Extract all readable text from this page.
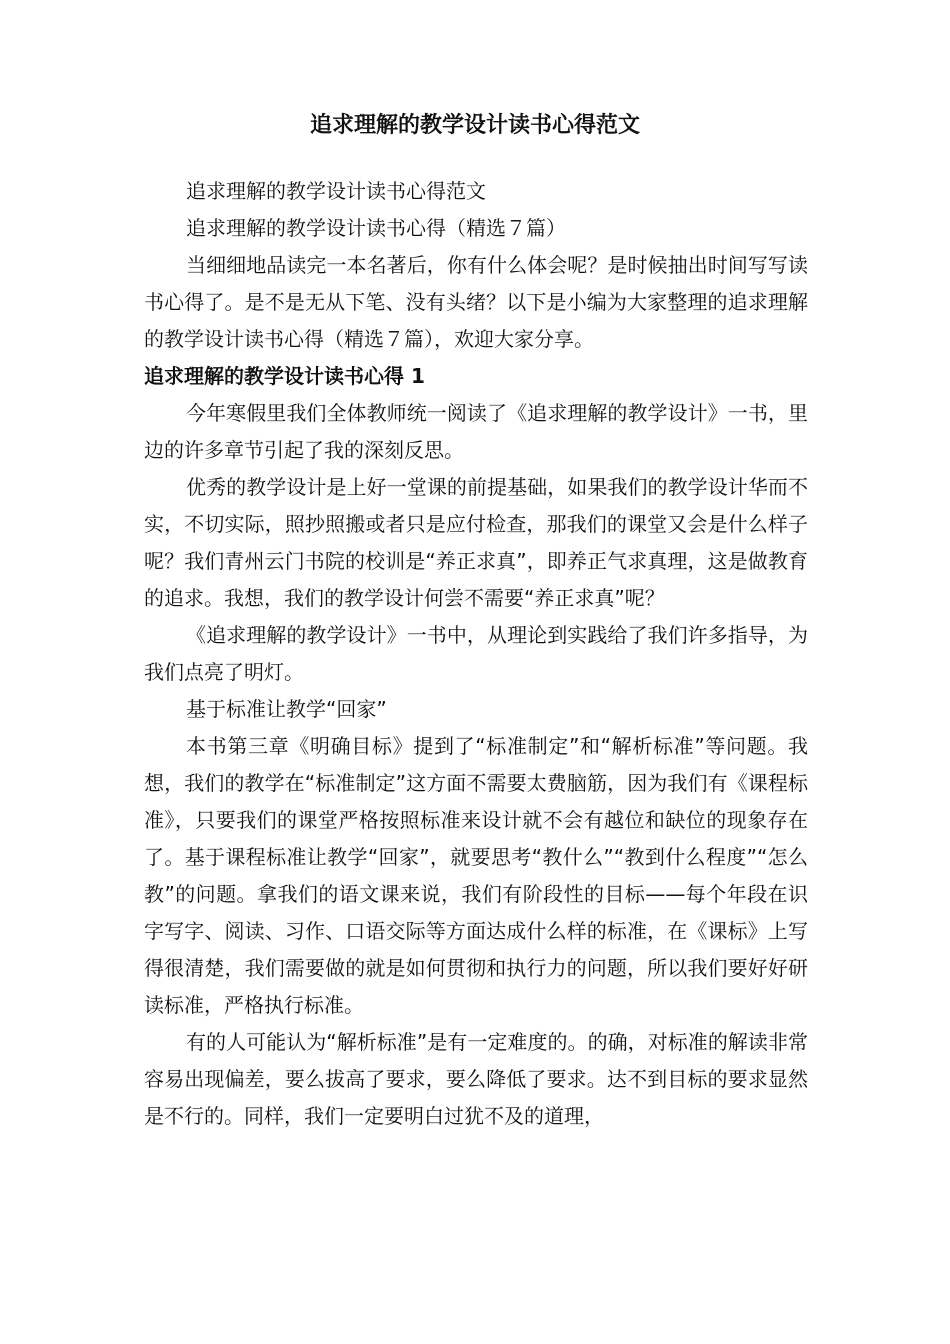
追求理解的教学设计读书心得范文

追求理解的教学设计读书心得范文

追求理解的教学设计读书心得（精选７篇）

当细细地品读完一本名著后，你有什么体会呢？是时候抽出时间写写读书心得了。是不是无从下笔、没有头绪？以下是小编为大家整理的追求理解的教学设计读书心得（精选７篇），欢迎大家分享。

追求理解的教学设计读书心得 1

今年寒假里我们全体教师统一阅读了《追求理解的教学设计》一书，里边的许多章节引起了我的深刻反思。

优秀的教学设计是上好一堂课的前提基础，如果我们的教学设计华而不实，不切实际，照抄照搬或者只是应付检查，那我们的课堂又会是什么样子呢？我们青州云门书院的校训是“养正求真”，即养正气求真理，这是做教育的追求。我想，我们的教学设计何尝不需要“养正求真”呢？

《追求理解的教学设计》一书中，从理论到实践给了我们许多指导，为我们点亮了明灯。

基于标准让教学“回家”

本书第三章《明确目标》提到了“标准制定”和“解析标准”等问题。我想，我们的教学在“标准制定”这方面不需要太费脑筋，因为我们有《课程标准》，只要我们的课堂严格按照标准来设计就不会有越位和缺位的现象存在了。基于课程标准让教学“回家”，就要思考“教什么”“教到什么程度”“怎么教”的问题。拿我们的语文课来说，我们有阶段性的目标——每个年段在识字写字、阅读、习作、口语交际等方面达成什么样的标准，在《课标》上写得很清楚，我们需要做的就是如何贯彻和执行力的问题，所以我们要好好研读标准，严格执行标准。

有的人可能认为“解析标准”是有一定难度的。的确，对标准的解读非常容易出现偏差，要么拔高了要求，要么降低了要求。达不到目标的要求显然是不行的。同样，我们一定要明白过犹不及的道理，
